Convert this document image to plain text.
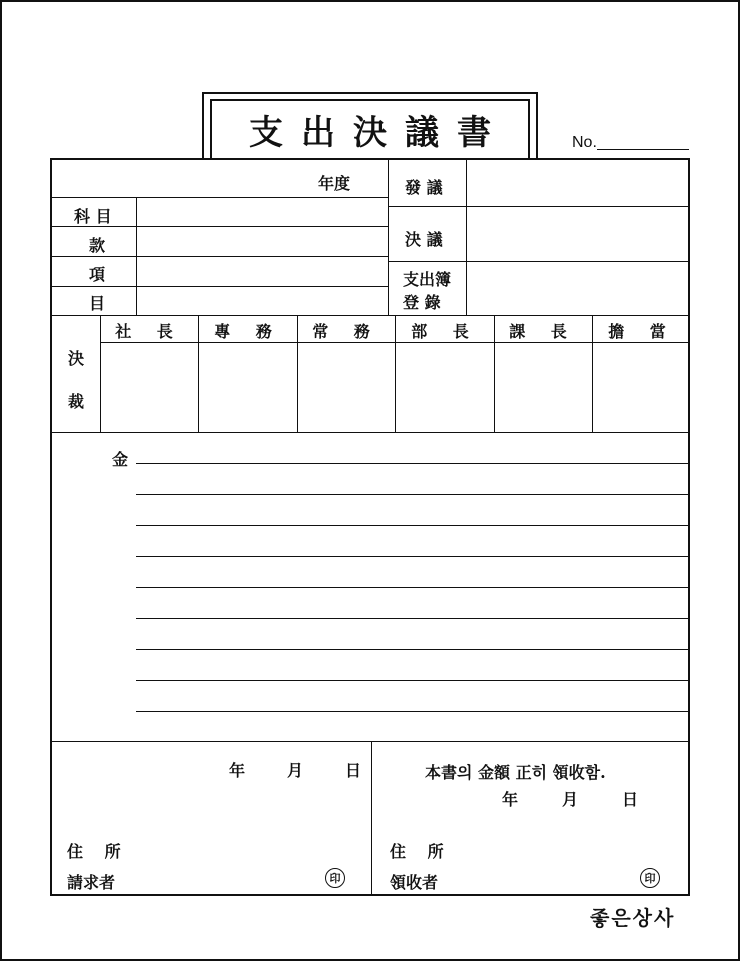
支出決議書	No.
年度
科 目
款
項
目
發 議
決 議
支出簿
登 錄
決
裁
社 長	專 務	常 務	部 長	課 長	擔 當
金
年	月	日
住 所
請求者	印
本書의 金額 正히 領收함.
年	月	日
住 所
領收者	印
좋은상사
